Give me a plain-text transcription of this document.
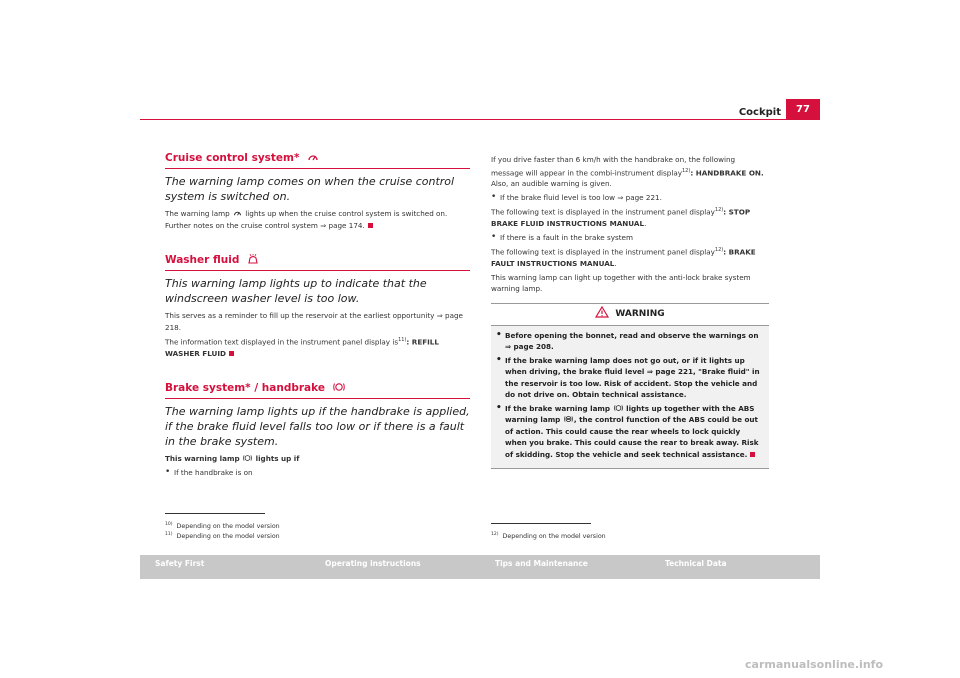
Cockpit	77
Cruise control system*
The warning lamp comes on when the cruise control system is switched on.

The warning lamp lights up when the cruise control system is switched on. Further notes on the cruise control system ⇒ page 174.

Washer fluid
This warning lamp lights up to indicate that the windscreen washer level is too low.

This serves as a reminder to fill up the reservoir at the earliest opportunity ⇒ page 218.

The information text displayed in the instrument panel display $is^{11)}$: REFILL WASHER FLUID

Brake system* / handbrake
The warning lamp lights up if the handbrake is applied, if the brake fluid level falls too low or if there is a fault in the brake system.

This warning lamp lights up if

• If the handbrake is on

If you drive faster than 6 km/h with the handbrake on, the following message will appear in the combi-instrument display$^{12)}$: HANDBRAKE ON. Also, an audible warning is given.

• If the brake fluid level is too low ⇒ page 221.

The following text is displayed in the instrument panel display$^{12)}$: STOP BRAKE FLUID INSTRUCTIONS MANUAL.

• If there is a fault in the brake system

The following text is displayed in the instrument panel display$^{12)}$: BRAKE FAULT INSTRUCTIONS MANUAL.

This warning lamp can light up together with the anti-lock brake system warning lamp.

WARNING
• Before opening the bonnet, read and observe the warnings on ⇒ page 208.
• If the brake warning lamp does not go out, or if it lights up when driving, the brake fluid level ⇒ page 221, "Brake fluid" in the reservoir is too low. Risk of accident. Stop the vehicle and do not drive on. Obtain technical assistance.
• If the brake warning lamp lights up together with the ABS warning lamp , the control function of the ABS could be out of action. This could cause the rear wheels to lock quickly when you brake. This could cause the rear to break away. Risk of skidding. Stop the vehicle and seek technical assistance.
$^{10)}$ Depending on the model version
$^{11)}$ Depending on the model version	$^{12)}$ Depending on the model version
Safety First	Operating instructions	Tips and Maintenance	Technical Data
carmanualsonline.info
